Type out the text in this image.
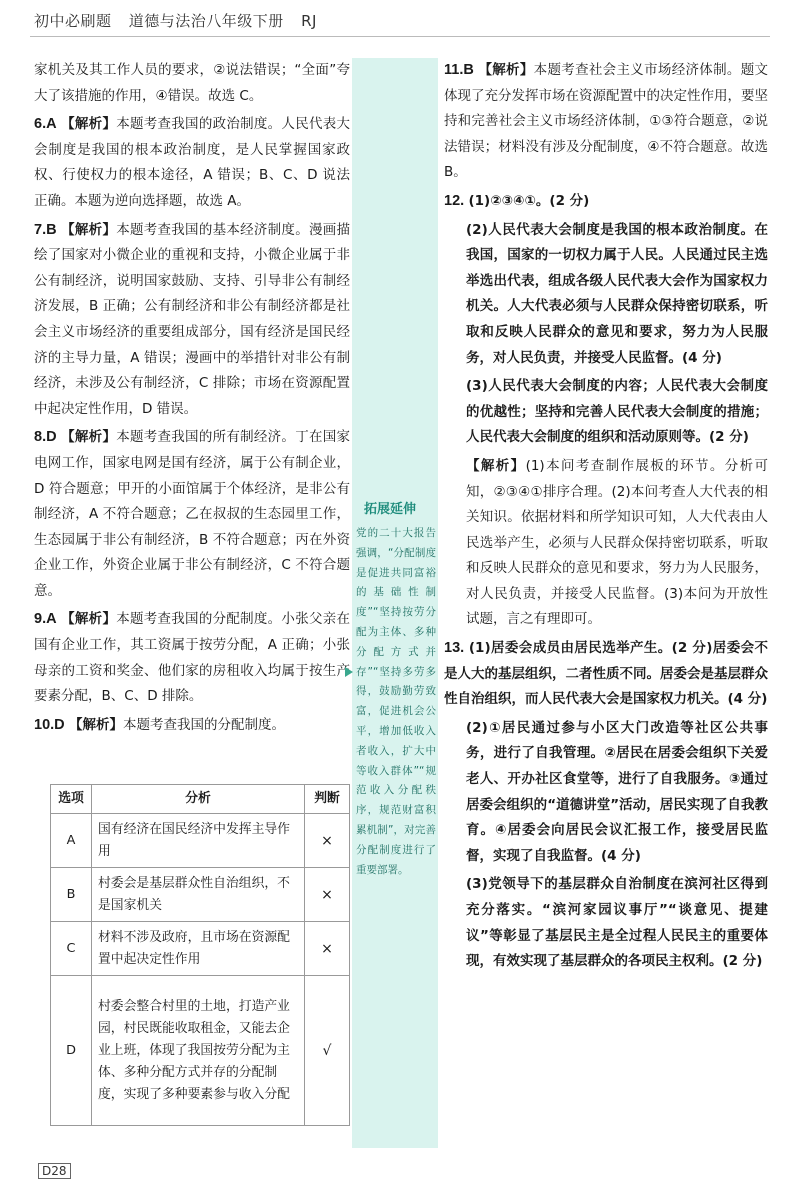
初中必刷题 道德与法治八年级下册 RJ

家机关及其工作人员的要求，②说法错误；“全面”夸大了该措施的作用，④错误。故选 C。

6.A 【解析】本题考查我国的政治制度。人民代表大会制度是我国的根本政治制度，是人民掌握国家政权、行使权力的根本途径，A 错误；B、C、D 说法正确。本题为逆向选择题，故选 A。

7.B 【解析】本题考查我国的基本经济制度。漫画描绘了国家对小微企业的重视和支持，小微企业属于非公有制经济，说明国家鼓励、支持、引导非公有制经济发展，B 正确；公有制经济和非公有制经济都是社会主义市场经济的重要组成部分，国有经济是国民经济的主导力量，A 错误；漫画中的举措针对非公有制经济，未涉及公有制经济，C 排除；市场在资源配置中起决定性作用，D 错误。

8.D 【解析】本题考查我国的所有制经济。丁在国家电网工作，国家电网是国有经济，属于公有制企业，D 符合题意；甲开的小面馆属于个体经济，是非公有制经济，A 不符合题意；乙在叔叔的生态园里工作，生态园属于非公有制经济，B 不符合题意；丙在外资企业工作，外资企业属于非公有制经济，C 不符合题意。

9.A 【解析】本题考查我国的分配制度。小张父亲在国有企业工作，其工资属于按劳分配，A 正确；小张母亲的工资和奖金、他们家的房租收入均属于按生产要素分配，B、C、D 排除。

10.D 【解析】本题考查我国的分配制度。

选项	分析	判断
A	国有经济在国民经济中发挥主导作用	×
B	村委会是基层群众性自治组织，不是国家机关	×
C	材料不涉及政府，且市场在资源配置中起决定性作用	×
D	村委会整合村里的土地，打造产业园，村民既能收取租金，又能去企业上班，体现了我国按劳分配为主体、多种分配方式并存的分配制度，实现了多种要素参与收入分配	√
拓展延伸
党的二十大报告强调，“分配制度是促进共同富裕的基础性制度”“坚持按劳分配为主体、多种分配方式并存”“坚持多劳多得，鼓励勤劳致富，促进机会公平，增加低收入者收入，扩大中等收入群体”“规范收入分配秩序，规范财富积累机制”，对完善分配制度进行了重要部署。

11.B 【解析】本题考查社会主义市场经济体制。题文体现了充分发挥市场在资源配置中的决定性作用，要坚持和完善社会主义市场经济体制，①③符合题意，②说法错误；材料没有涉及分配制度，④不符合题意。故选 B。

12. (1)②③④①。(2 分)

(2)人民代表大会制度是我国的根本政治制度。在我国，国家的一切权力属于人民。人民通过民主选举选出代表，组成各级人民代表大会作为国家权力机关。人大代表必须与人民群众保持密切联系，听取和反映人民群众的意见和要求，努力为人民服务，对人民负责，并接受人民监督。(4 分)

(3)人民代表大会制度的内容；人民代表大会制度的优越性；坚持和完善人民代表大会制度的措施；人民代表大会制度的组织和活动原则等。(2 分)

【解析】(1)本问考查制作展板的环节。分析可知，②③④①排序合理。(2)本问考查人大代表的相关知识。依据材料和所学知识可知，人大代表由人民选举产生，必须与人民群众保持密切联系，听取和反映人民群众的意见和要求，努力为人民服务，对人民负责，并接受人民监督。(3)本问为开放性试题，言之有理即可。

13. (1)居委会成员由居民选举产生。(2 分)居委会不是人大的基层组织，二者性质不同。居委会是基层群众性自治组织，而人民代表大会是国家权力机关。(4 分)

(2)①居民通过参与小区大门改造等社区公共事务，进行了自我管理。②居民在居委会组织下关爱老人、开办社区食堂等，进行了自我服务。③通过居委会组织的“道德讲堂”活动，居民实现了自我教育。④居委会向居民会议汇报工作，接受居民监督，实现了自我监督。(4 分)

(3)党领导下的基层群众自治制度在滨河社区得到充分落实。“滨河家园议事厅”“谈意见、提建议”等彰显了基层民主是全过程人民民主的重要体现，有效实现了基层群众的各项民主权利。(2 分)

D28
